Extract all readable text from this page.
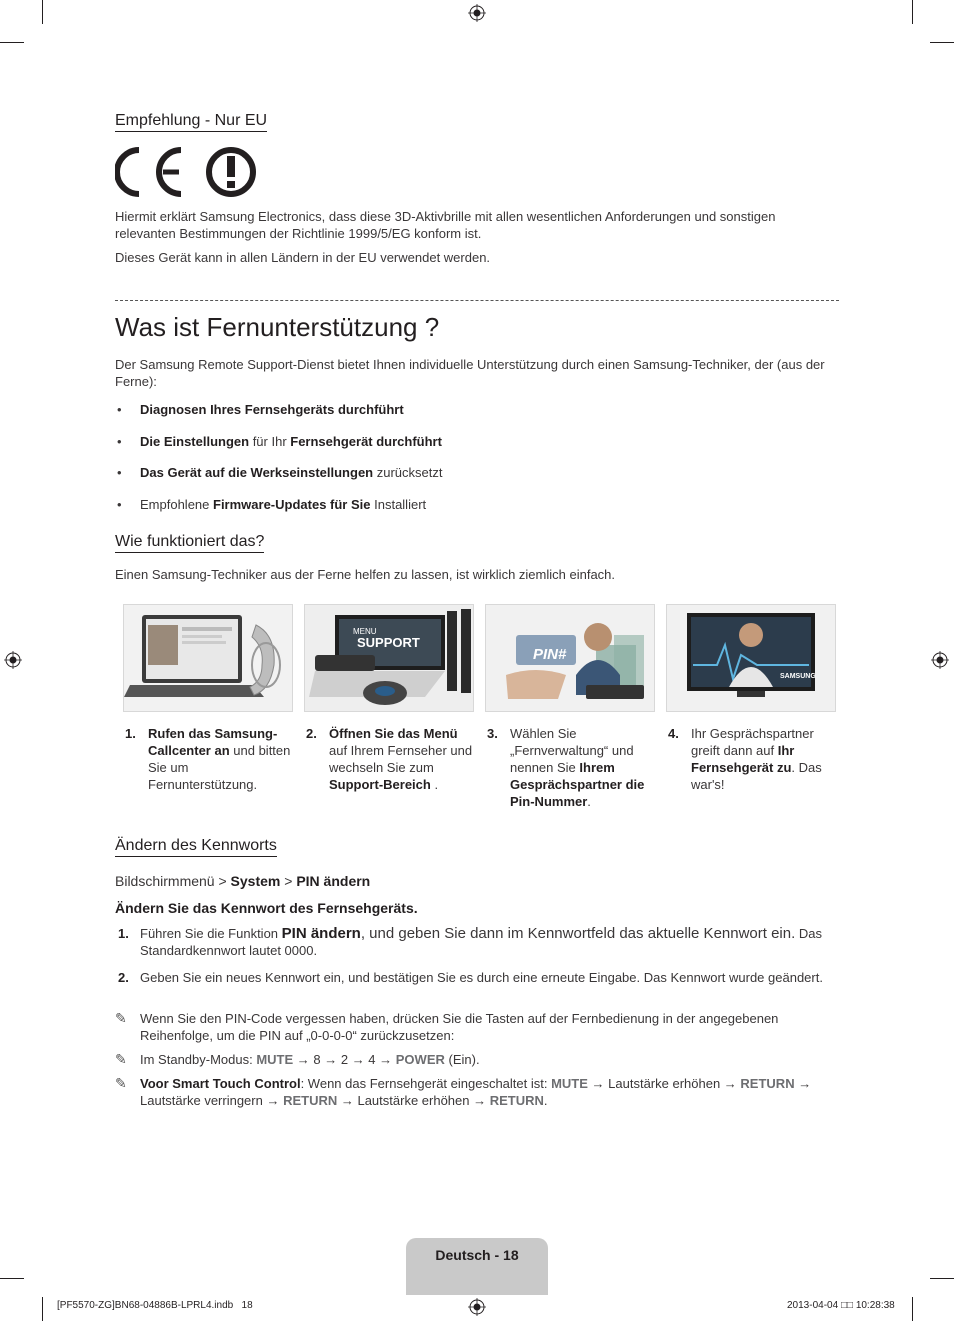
Empfehlung - Nur EU
Hiermit erklärt Samsung Electronics, dass diese 3D-Aktivbrille mit allen wesentlichen Anforderungen und sonstigen relevanten Bestimmungen der Richtlinie 1999/5/EG konform ist.
Dieses Gerät kann in allen Ländern in der EU verwendet werden.
Was ist Fernunterstützung ?
Der Samsung Remote Support-Dienst bietet Ihnen individuelle Unterstützung durch einen Samsung-Techniker, der (aus der Ferne):
• Diagnosen Ihres Fernsehgeräts durchführt
• Die Einstellungen für Ihr Fernsehgerät durchführt
• Das Gerät auf die Werkseinstellungen zurücksetzt
• Empfohlene Firmware-Updates für Sie Installiert
Wie funktioniert das?
Einen Samsung-Techniker aus der Ferne helfen zu lassen, ist wirklich ziemlich einfach.
MENU
SUPPORT
PIN#
SAMSUNG
1. Rufen das Samsung-Callcenter an und bitten Sie um Fernunterstützung.
2. Öffnen Sie das Menü auf Ihrem Fernseher und wechseln Sie zum Support-Bereich .
3. Wählen Sie „Fernverwaltung“ und nennen Sie Ihrem Gesprächspartner die Pin-Nummer.
4. Ihr Gesprächspartner greift dann auf Ihr Fernsehgerät zu. Das war's!
Ändern des Kennworts
Bildschirmmenü > System > PIN ändern
Ändern Sie das Kennwort des Fernsehgeräts.
1. Führen Sie die Funktion PIN ändern, und geben Sie dann im Kennwortfeld das aktuelle Kennwort ein. Das Standardkennwort lautet 0000.
2. Geben Sie ein neues Kennwort ein, und bestätigen Sie es durch eine erneute Eingabe. Das Kennwort wurde geändert.
✎ Wenn Sie den PIN-Code vergessen haben, drücken Sie die Tasten auf der Fernbedienung in der angegebenen Reihenfolge, um die PIN auf „0-0-0-0“ zurückzusetzen:
✎ Im Standby-Modus: MUTE → 8 → 2 → 4 → POWER (Ein).
✎ Voor Smart Touch Control: Wenn das Fernsehgerät eingeschaltet ist: MUTE → Lautstärke erhöhen → RETURN → Lautstärke verringern → RETURN → Lautstärke erhöhen → RETURN.
Deutsch - 18
[PF5570-ZG]BN68-04886B-LPRL4.indb   18	2013-04-04 □□ 10:28:38
